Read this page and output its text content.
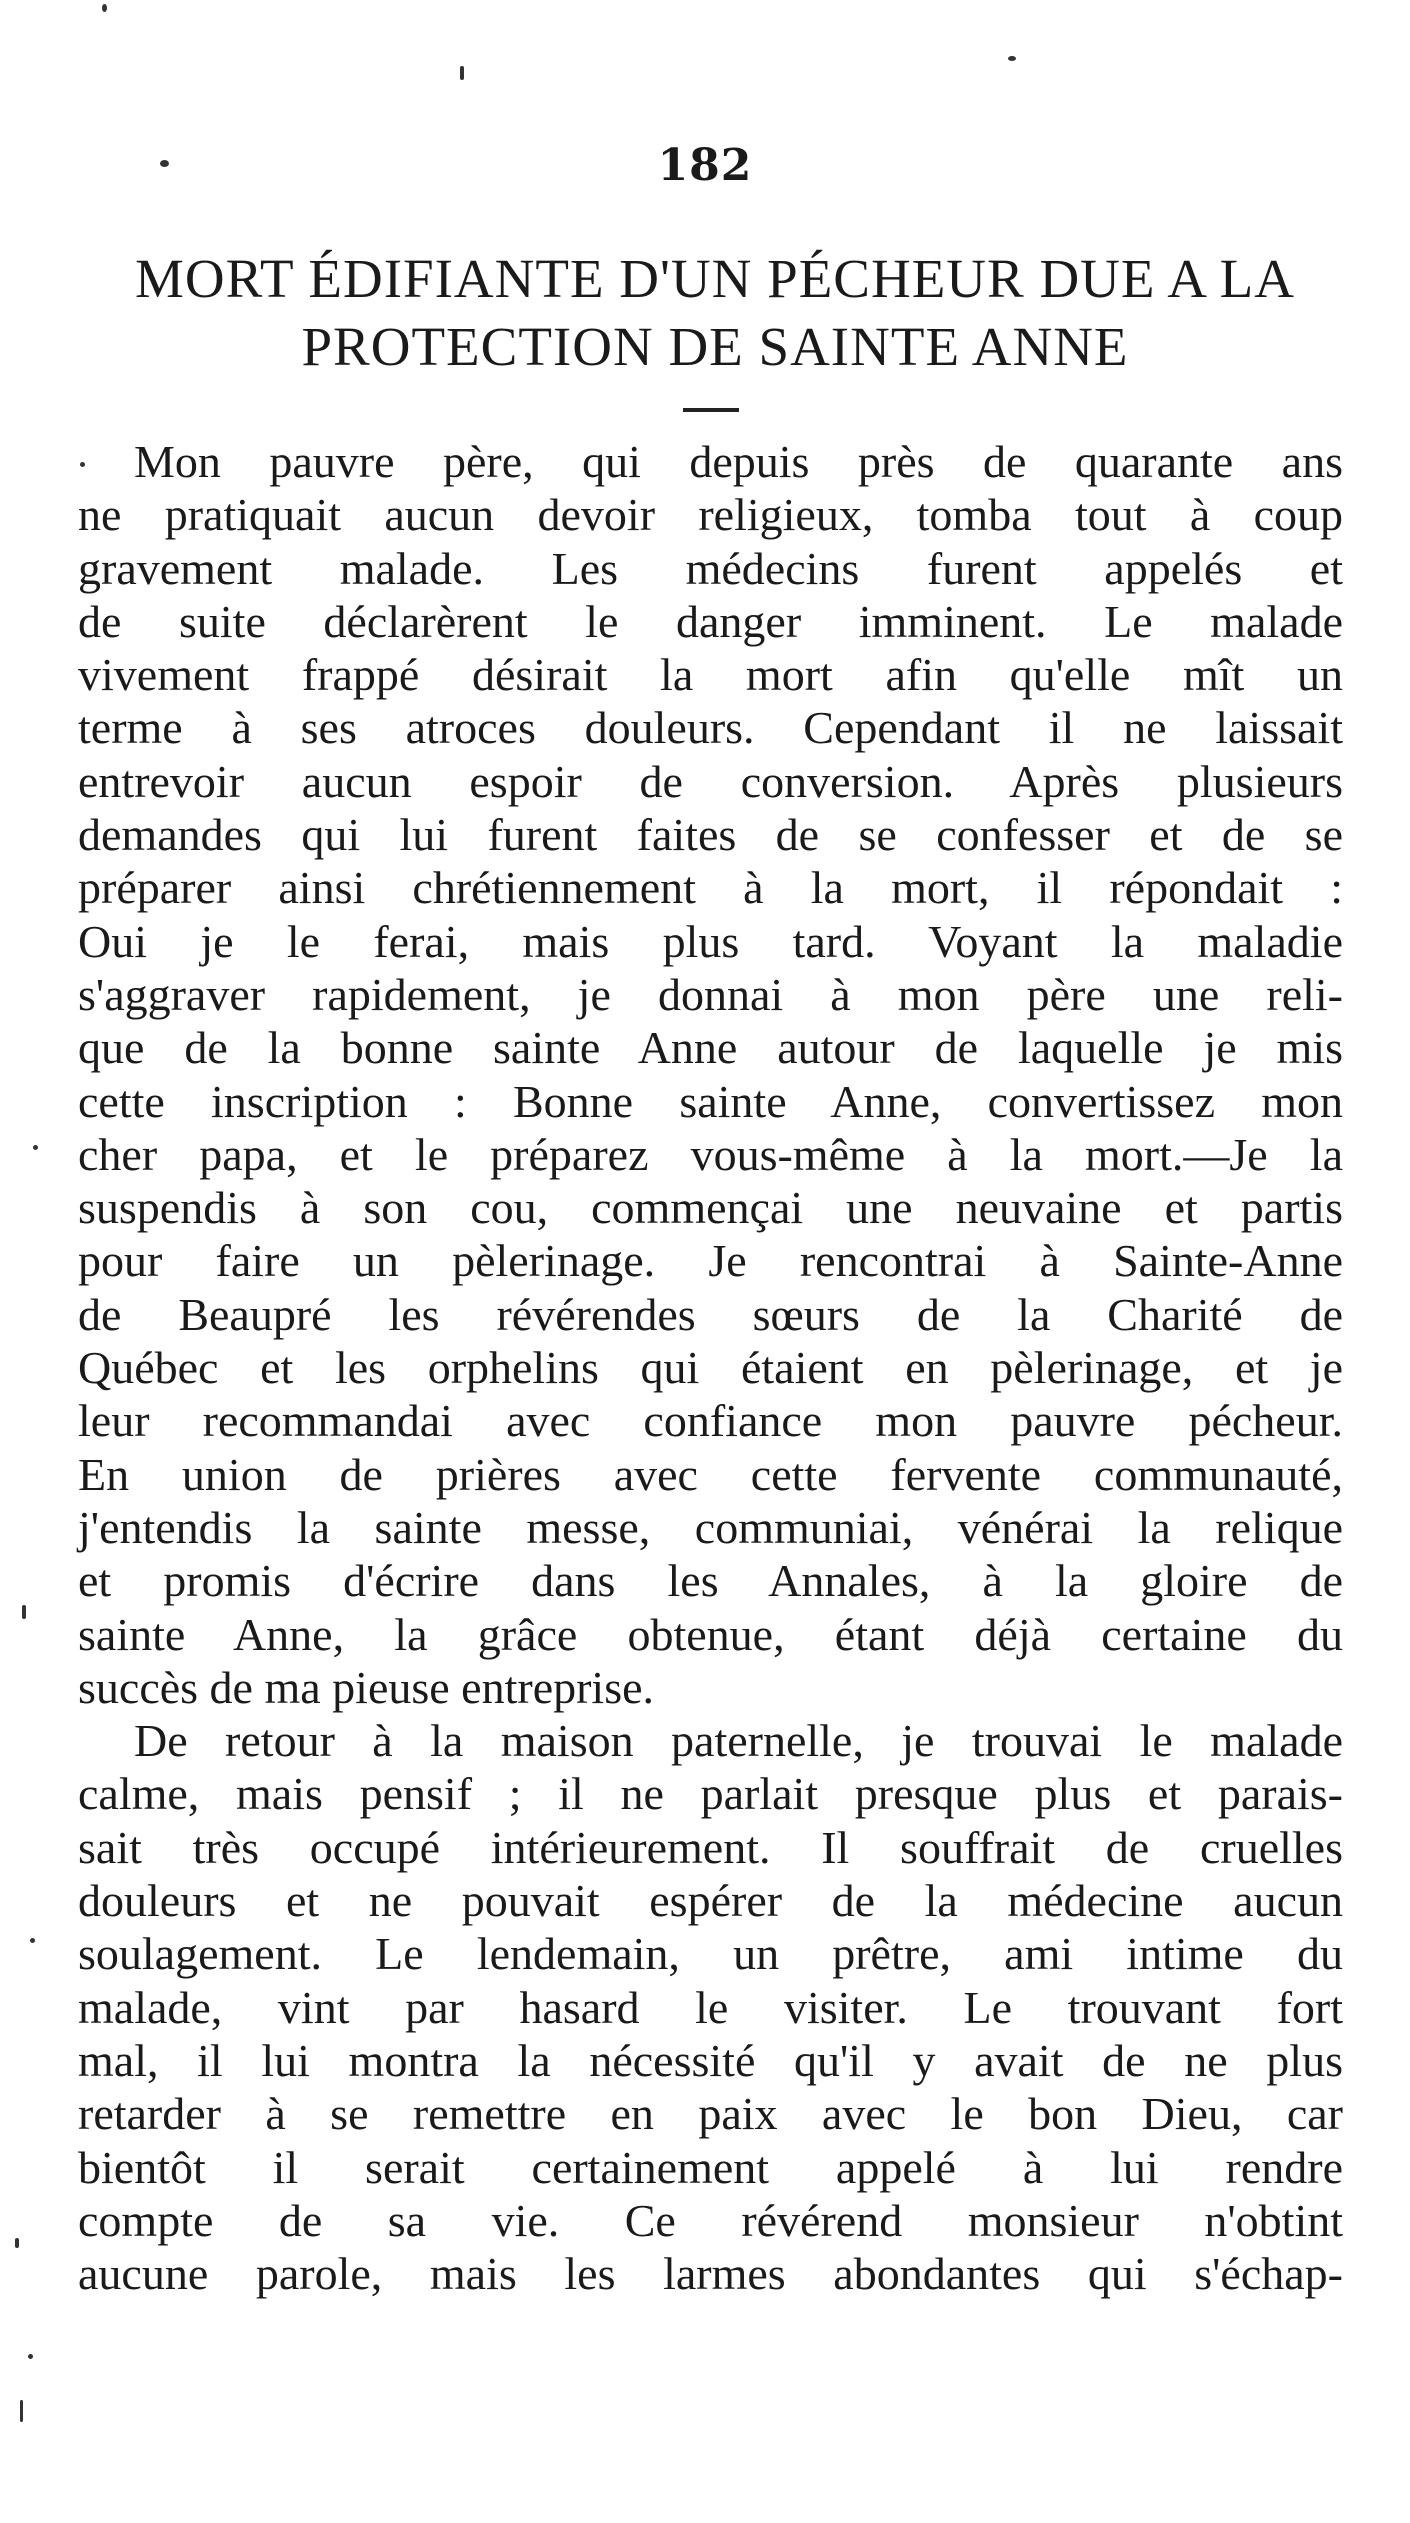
182
MORT ÉDIFIANTE D'UN PÉCHEUR DUE A LA
PROTECTION DE SAINTE ANNE
Mon pauvre père, qui depuis près de quarante ans
ne pratiquait aucun devoir religieux, tomba tout à coup
gravement malade. Les médecins furent appelés et
de suite déclarèrent le danger imminent. Le malade
vivement frappé désirait la mort afin qu'elle mît un
terme à ses atroces douleurs. Cependant il ne laissait
entrevoir aucun espoir de conversion. Après plusieurs
demandes qui lui furent faites de se confesser et de se
préparer ainsi chrétiennement à la mort, il répondait :
Oui je le ferai, mais plus tard. Voyant la maladie
s'aggraver rapidement, je donnai à mon père une reli-
que de la bonne sainte Anne autour de laquelle je mis
cette inscription : Bonne sainte Anne, convertissez mon
cher papa, et le préparez vous-même à la mort.—Je la
suspendis à son cou, commençai une neuvaine et partis
pour faire un pèlerinage. Je rencontrai à Sainte-Anne
de Beaupré les révérendes sœurs de la Charité de
Québec et les orphelins qui étaient en pèlerinage, et je
leur recommandai avec confiance mon pauvre pécheur.
En union de prières avec cette fervente communauté,
j'entendis la sainte messe, communiai, vénérai la relique
et promis d'écrire dans les Annales, à la gloire de
sainte Anne, la grâce obtenue, étant déjà certaine du
succès de ma pieuse entreprise.
De retour à la maison paternelle, je trouvai le malade
calme, mais pensif ; il ne parlait presque plus et parais-
sait très occupé intérieurement. Il souffrait de cruelles
douleurs et ne pouvait espérer de la médecine aucun
soulagement. Le lendemain, un prêtre, ami intime du
malade, vint par hasard le visiter. Le trouvant fort
mal, il lui montra la nécessité qu'il y avait de ne plus
retarder à se remettre en paix avec le bon Dieu, car
bientôt il serait certainement appelé à lui rendre
compte de sa vie. Ce révérend monsieur n'obtint
aucune parole, mais les larmes abondantes qui s'échap-
